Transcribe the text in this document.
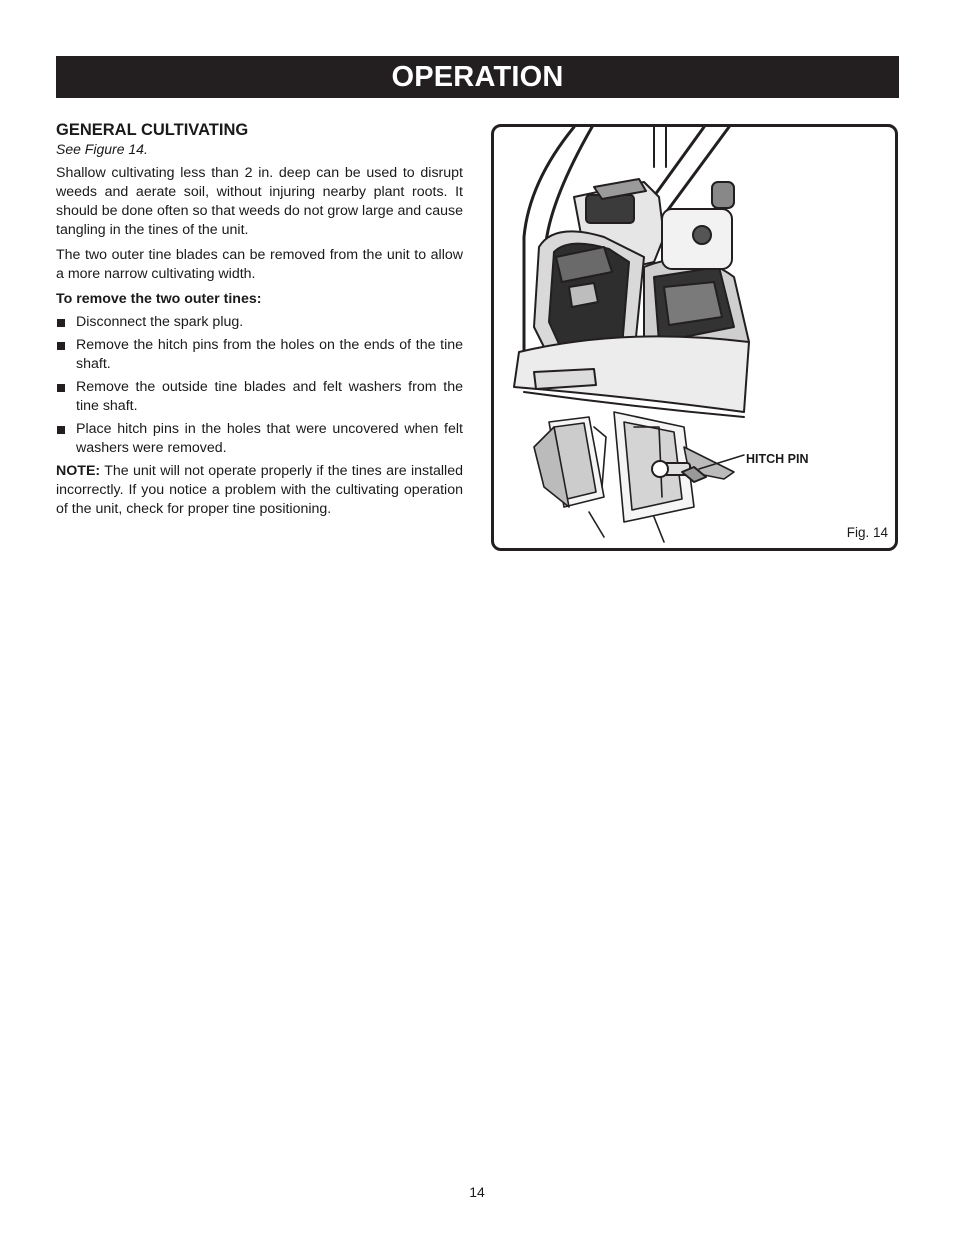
OPERATION
GENERAL CULTIVATING
See Figure 14.

Shallow cultivating less than 2 in. deep can be used to disrupt weeds and aerate soil, without injuring nearby plant roots. It should be done often so that weeds do not grow large and cause tangling in the tines of the unit.

The two outer tine blades can be removed from the unit to allow a more narrow cultivating width.

To remove the two outer tines:
Disconnect the spark plug.
Remove the hitch pins from the holes on the ends of the tine shaft.
Remove the outside tine blades and felt washers from the tine shaft.
Place hitch pins in the holes that were uncovered when felt washers were removed.

NOTE: The unit will not operate properly if the tines are installed incorrectly. If you notice a problem with the cultivating operation of the unit, check for proper tine positioning.

HITCH PIN
Fig. 14
14
